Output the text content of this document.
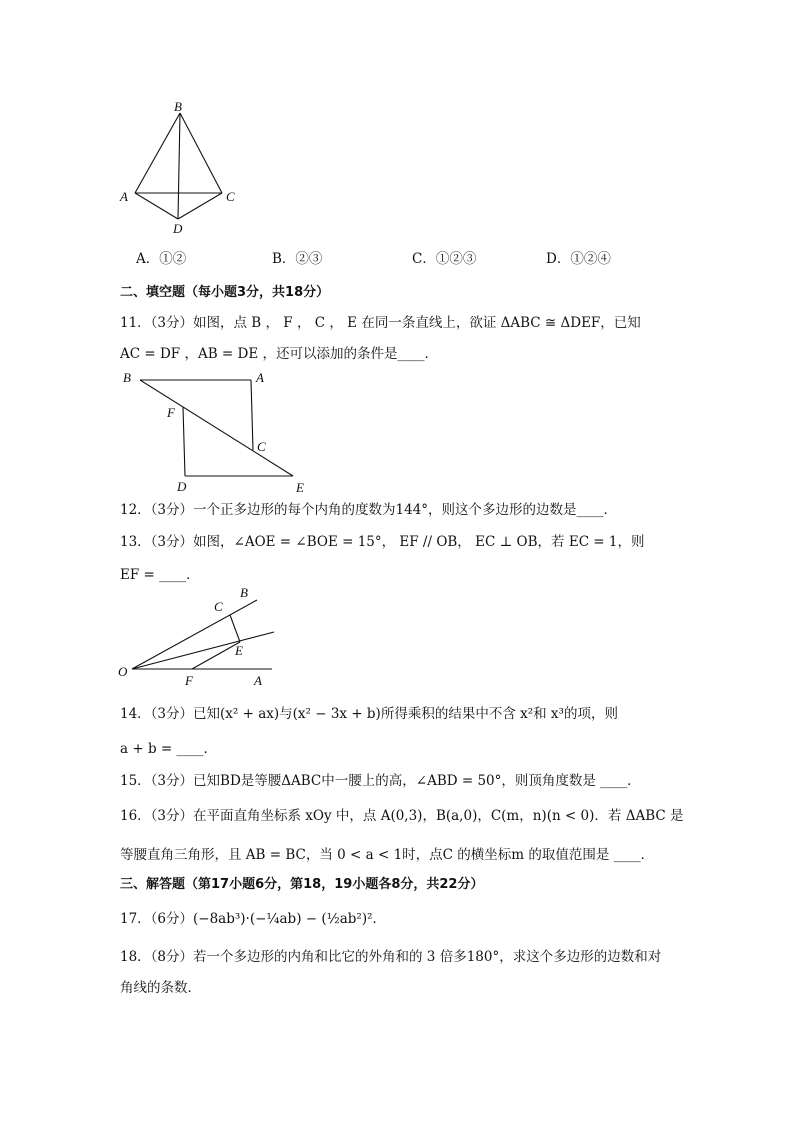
B
A	C
D
A．①②	B．②③	C．①②③	D．①②④
二、填空题（每小题3分，共18分）
11．（3分）如图，点 B ， F ， C ， E 在同一条直线上，欲证 ΔABC ≅ ΔDEF，已知
AC = DF ，AB = DE ，还可以添加的条件是____．
B	A
F
C
D	E
12．（3分）一个正多边形的每个内角的度数为144°，则这个多边形的边数是____．
13．（3分）如图，∠AOE = ∠BOE = 15°， EF // OB， EC ⊥ OB，若 EC = 1，则
EF = ____．
B
C
E
O
F	A
14．（3分）已知(x² + ax)与(x² − 3x + b)所得乘积的结果中不含 x²和 x³的项，则
a + b = ____．
15．（3分）已知BD是等腰ΔABC中一腰上的高，∠ABD = 50°，则顶角度数是 ____．
16．（3分）在平面直角坐标系 xOy 中，点 A(0,3)，B(a,0)，C(m，n)(n < 0)．若 ΔABC 是
等腰直角三角形，且 AB = BC，当 0 < a < 1时，点C 的横坐标m 的取值范围是 ____．
三、解答题（第17小题6分，第18，19小题各8分，共22分）
17．（6分）(−8ab³)·(−¼ab) − (½ab²)²．
18．（8分）若一个多边形的内角和比它的外角和的 3 倍多180°，求这个多边形的边数和对
角线的条数．
